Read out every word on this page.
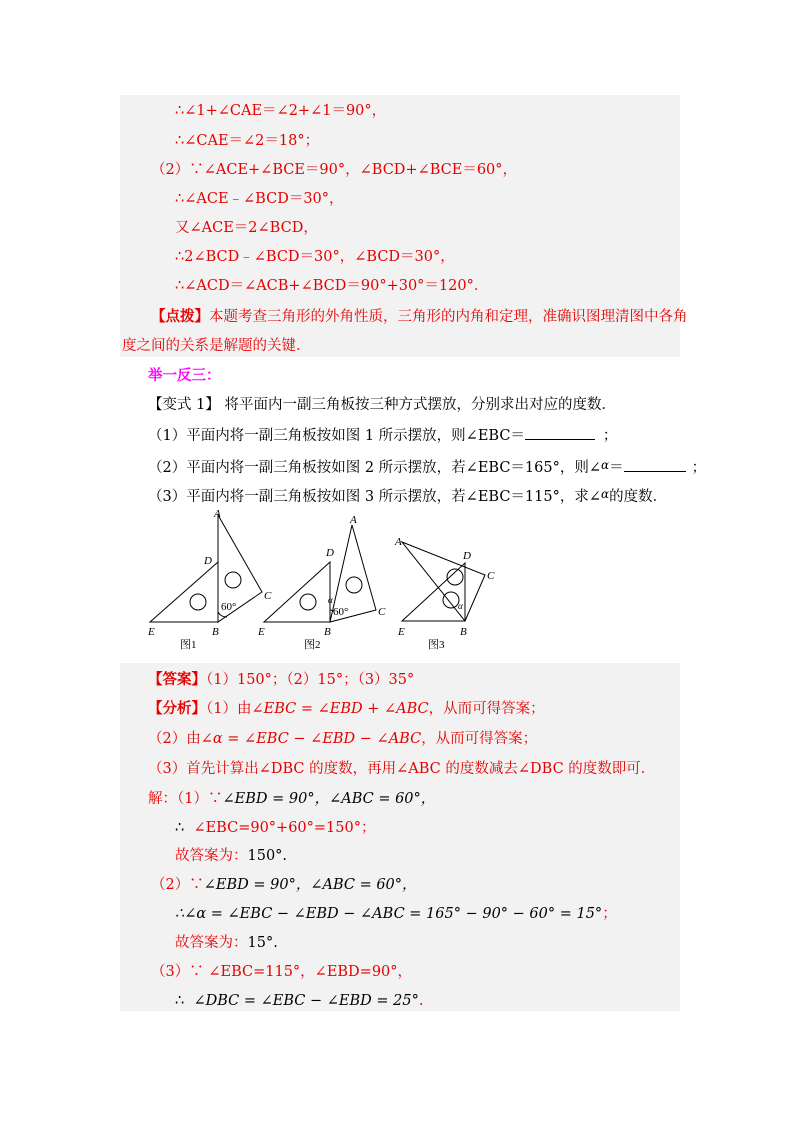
∴∠1+∠CAE＝∠2+∠1＝90°，
∴∠CAE＝∠2＝18°；
（2）∵∠ACE+∠BCE＝90°，∠BCD+∠BCE＝60°，
∴∠ACE﹣∠BCD＝30°，
又∠ACE＝2∠BCD，
∴2∠BCD﹣∠BCD＝30°，∠BCD＝30°，
∴∠ACD＝∠ACB+∠BCD＝90°+30°＝120°．
【点拨】本题考查三角形的外角性质，三角形的内角和定理，准确识图理清图中各角
度之间的关系是解题的关键．
举一反三：
【变式 1】 将平面内一副三角板按三种方式摆放，分别求出对应的度数．
（1）平面内将一副三角板按如图 1 所示摆放，则∠EBC＝	；
（2）平面内将一副三角板按如图 2 所示摆放，若∠EBC＝165°，则∠$^\alpha$＝	；
（3）平面内将一副三角板按如图 3 所示摆放，若∠EBC＝115°，求∠$^\alpha$的度数．
A
D
C
E	B
60°
图1
A
D
C
E	B
α
60°
图2
A
D
C
E	B
α
图3
【答案】（1）150°；（2）15°；（3）35°
【分析】（1）由∠EBC = ∠EBD + ∠ABC，从而可得答案；
（2）由∠α = ∠EBC − ∠EBD − ∠ABC，从而可得答案；
（3）首先计算出∠DBC 的度数，再用∠ABC 的度数减去∠DBC 的度数即可．
解：（1）∵∠EBD = 90°，∠ABC = 60°，
∴ ∠EBC=90°+60°=150°；
故答案为：150°.
（2）∵∠EBD = 90°，∠ABC = 60°，
∴∠α = ∠EBC − ∠EBD − ∠ABC = 165° − 90° − 60° = 15°；
故答案为：15°.
（3）∵ ∠EBC=115°，∠EBD=90°，
∴ ∠DBC = ∠EBC − ∠EBD = 25°.
